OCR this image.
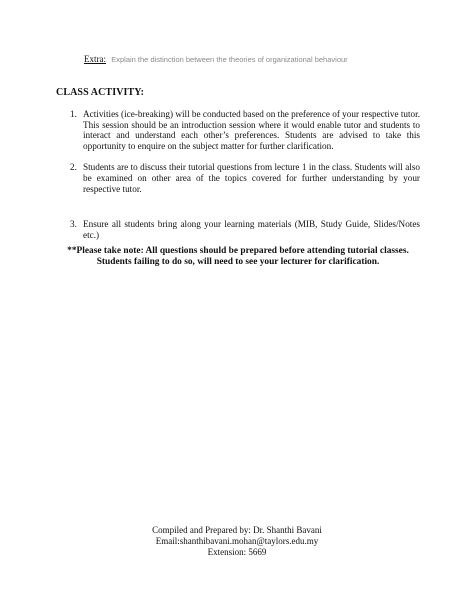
Extra: Explain the distinction between the theories of organizational behaviour
CLASS ACTIVITY:
1. Activities (ice-breaking) will be conducted based on the preference of your respective tutor. This session should be an introduction session where it would enable tutor and students to interact and understand each other’s preferences. Students are advised to take this opportunity to enquire on the subject matter for further clarification.
2. Students are to discuss their tutorial questions from lecture 1 in the class. Students will also be examined on other area of the topics covered for further understanding by your respective tutor.
3. Ensure all students bring along your learning materials (MIB, Study Guide, Slides/Notes etc.)
**Please take note: All questions should be prepared before attending tutorial classes.
Students failing to do so, will need to see your lecturer for clarification.
Compiled and Prepared by: Dr. Shanthi Bavani
Email:shanthibavani.mohan@taylors.edu.my
Extension: 5669
